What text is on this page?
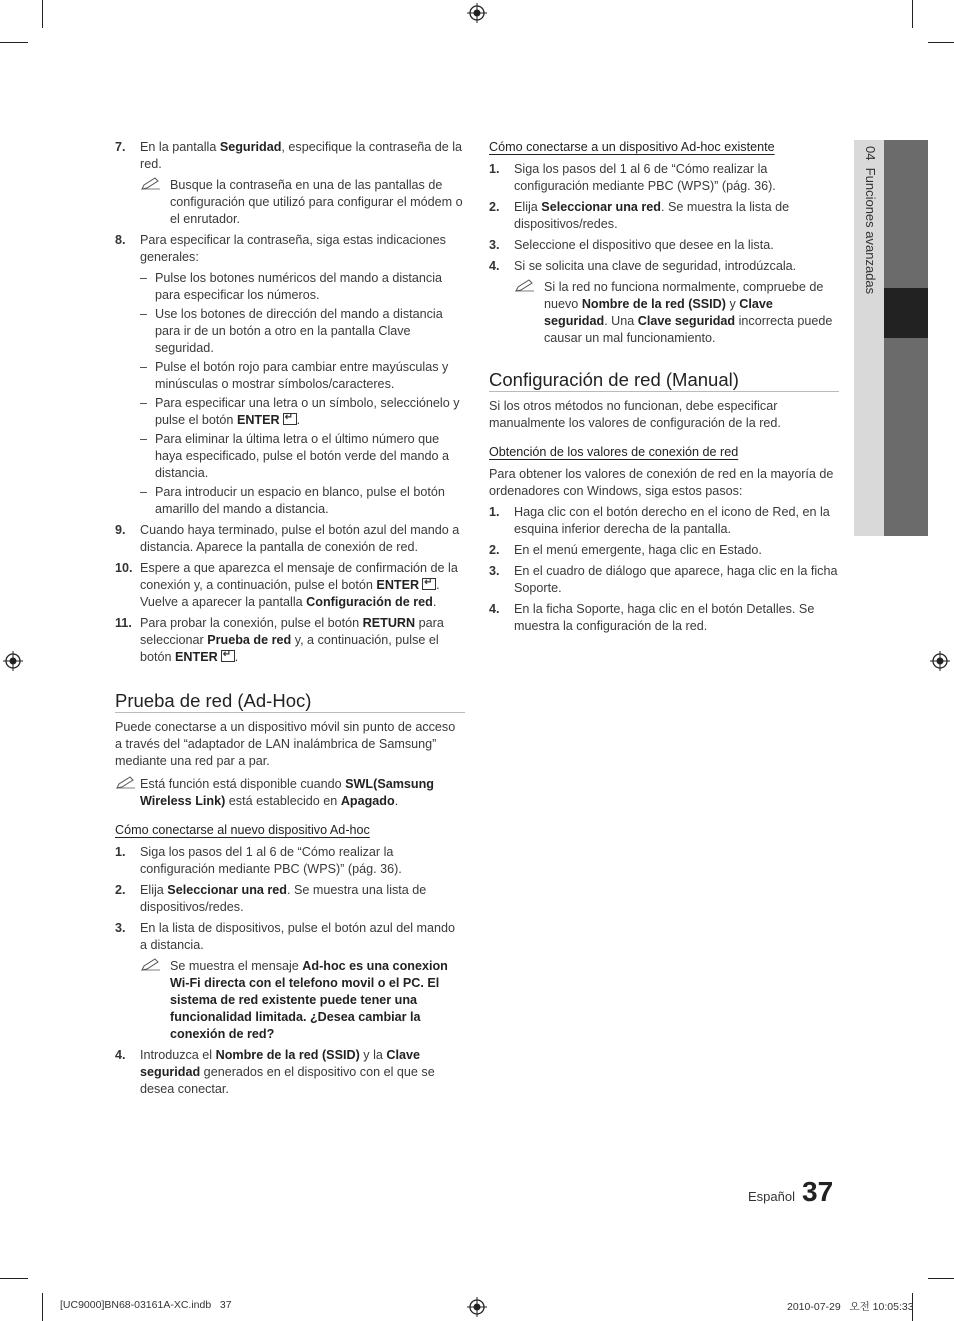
04  Funciones avanzadas
7. En la pantalla Seguridad, especifique la contraseña de la red.
Busque la contraseña en una de las pantallas de configuración que utilizó para configurar el módem o el enrutador.
8. Para especificar la contraseña, siga estas indicaciones generales:
– Pulse los botones numéricos del mando a distancia para especificar los números.
– Use los botones de dirección del mando a distancia para ir de un botón a otro en la pantalla Clave seguridad.
– Pulse el botón rojo para cambiar entre mayúsculas y minúsculas o mostrar símbolos/caracteres.
– Para especificar una letra o un símbolo, selecciónelo y pulse el botón ENTER ↵ .
– Para eliminar la última letra o el último número que haya especificado, pulse el botón verde del mando a distancia.
– Para introducir un espacio en blanco, pulse el botón amarillo del mando a distancia.
9. Cuando haya terminado, pulse el botón azul del mando a distancia. Aparece la pantalla de conexión de red.
10. Espere a que aparezca el mensaje de confirmación de la conexión y, a continuación, pulse el botón ENTER ↵ . Vuelve a aparecer la pantalla Configuración de red.
11. Para probar la conexión, pulse el botón RETURN para seleccionar Prueba de red y, a continuación, pulse el botón ENTER ↵ .
Prueba de red (Ad-Hoc)

Puede conectarse a un dispositivo móvil sin punto de acceso a través del “adaptador de LAN inalámbrica de Samsung” mediante una red par a par.

Está función está disponible cuando SWL(Samsung Wireless Link) está establecido en Apagado.
Cómo conectarse al nuevo dispositivo Ad-hoc
1. Siga los pasos del 1 al 6 de “Cómo realizar la configuración mediante PBC (WPS)” (pág. 36).
2. Elija Seleccionar una red. Se muestra una lista de dispositivos/redes.
3. En la lista de dispositivos, pulse el botón azul del mando a distancia.
Se muestra el mensaje Ad-hoc es una conexion Wi-Fi directa con el telefono movil o el PC. El sistema de red existente puede tener una funcionalidad limitada. ¿Desea cambiar la conexión de red?
4. Introduzca el Nombre de la red (SSID) y la Clave seguridad generados en el dispositivo con el que se desea conectar.
Cómo conectarse a un dispositivo Ad-hoc existente
1. Siga los pasos del 1 al 6 de “Cómo realizar la configuración mediante PBC (WPS)” (pág. 36).
2. Elija Seleccionar una red. Se muestra la lista de dispositivos/redes.
3. Seleccione el dispositivo que desee en la lista.
4. Si se solicita una clave de seguridad, introdúzcala.
Si la red no funciona normalmente, compruebe de nuevo Nombre de la red (SSID) y Clave seguridad. Una Clave seguridad incorrecta puede causar un mal funcionamiento.
Configuración de red (Manual)

Si los otros métodos no funcionan, debe especificar manualmente los valores de configuración de la red.

Obtención de los valores de conexión de red

Para obtener los valores de conexión de red en la mayoría de ordenadores con Windows, siga estos pasos:

1. Haga clic con el botón derecho en el icono de Red, en la esquina inferior derecha de la pantalla.
2. En el menú emergente, haga clic en Estado.
3. En el cuadro de diálogo que aparece, haga clic en la ficha Soporte.
4. En la ficha Soporte, haga clic en el botón Detalles. Se muestra la configuración de la red.
Español 37
[UC9000]BN68-03161A-XC.indb   37	2010-07-29   오전 10:05:33
